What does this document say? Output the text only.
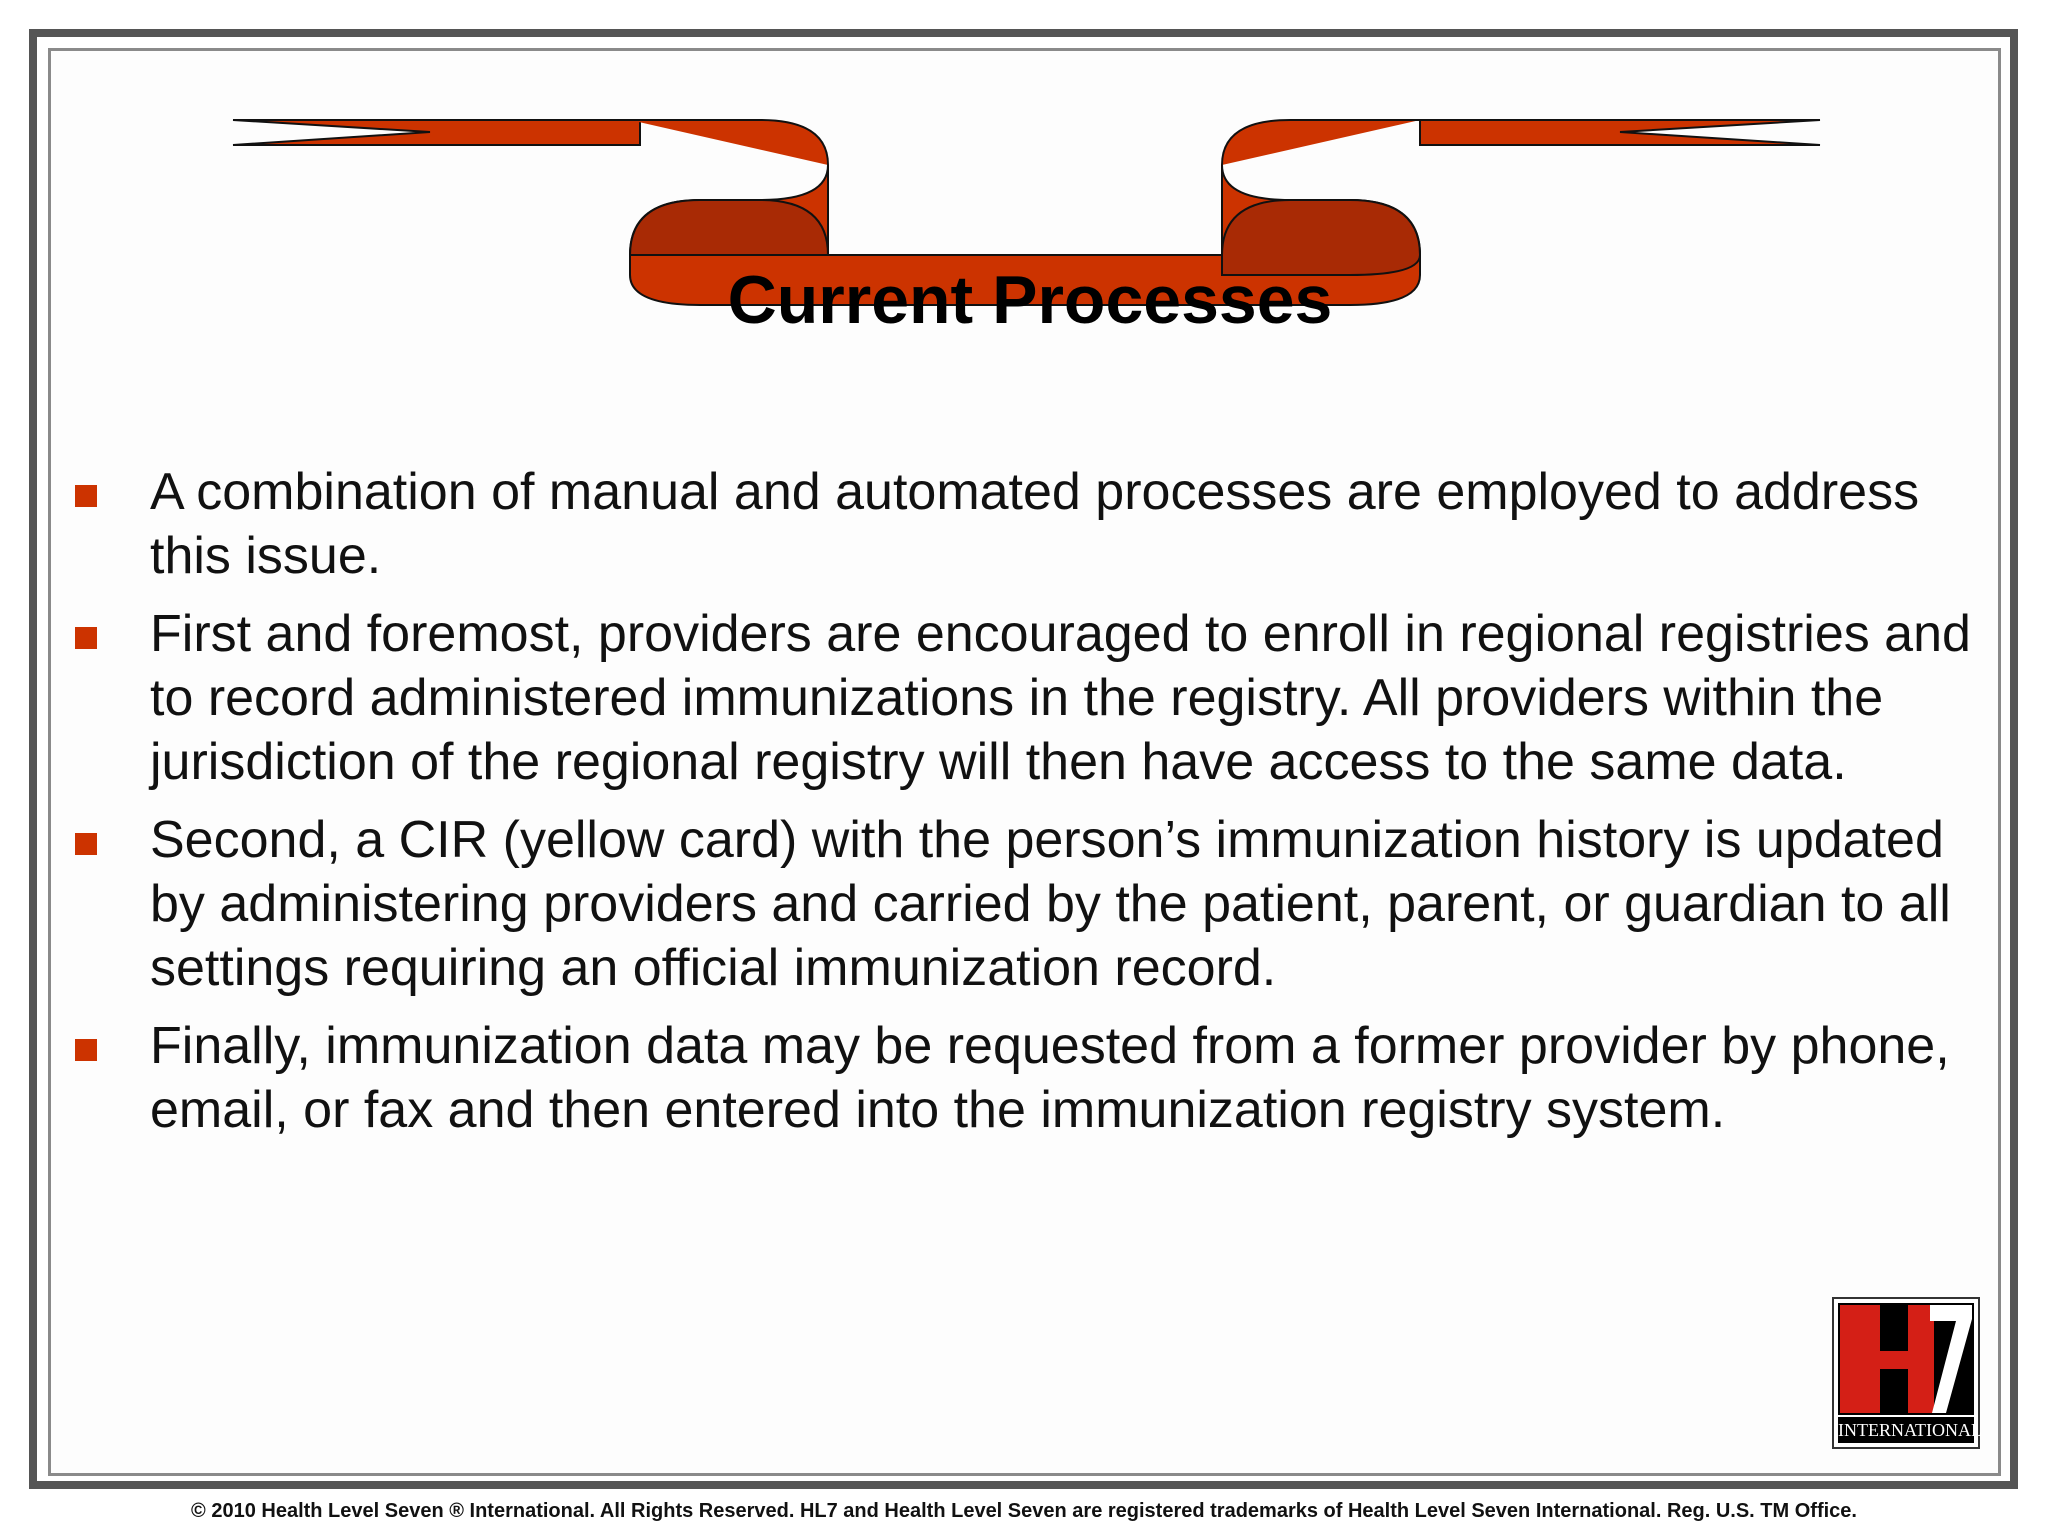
Current Processes
A combination of manual and automated processes are employed to address this issue.
First and foremost, providers are encouraged to enroll in regional registries and to record administered immunizations in the registry. All providers within the jurisdiction of the regional registry will then have access to the same data.
Second, a CIR (yellow card) with the person’s immunization history is updated by administering providers and carried by the patient, parent, or guardian to all settings requiring an official immunization record.
Finally, immunization data may be requested from a former provider by phone, email, or fax and then entered into the immunization registry system.
INTERNATIONAL
© 2010 Health Level Seven ® International. All Rights Reserved. HL7 and Health Level Seven are registered trademarks of Health Level Seven International. Reg. U.S. TM Office.
